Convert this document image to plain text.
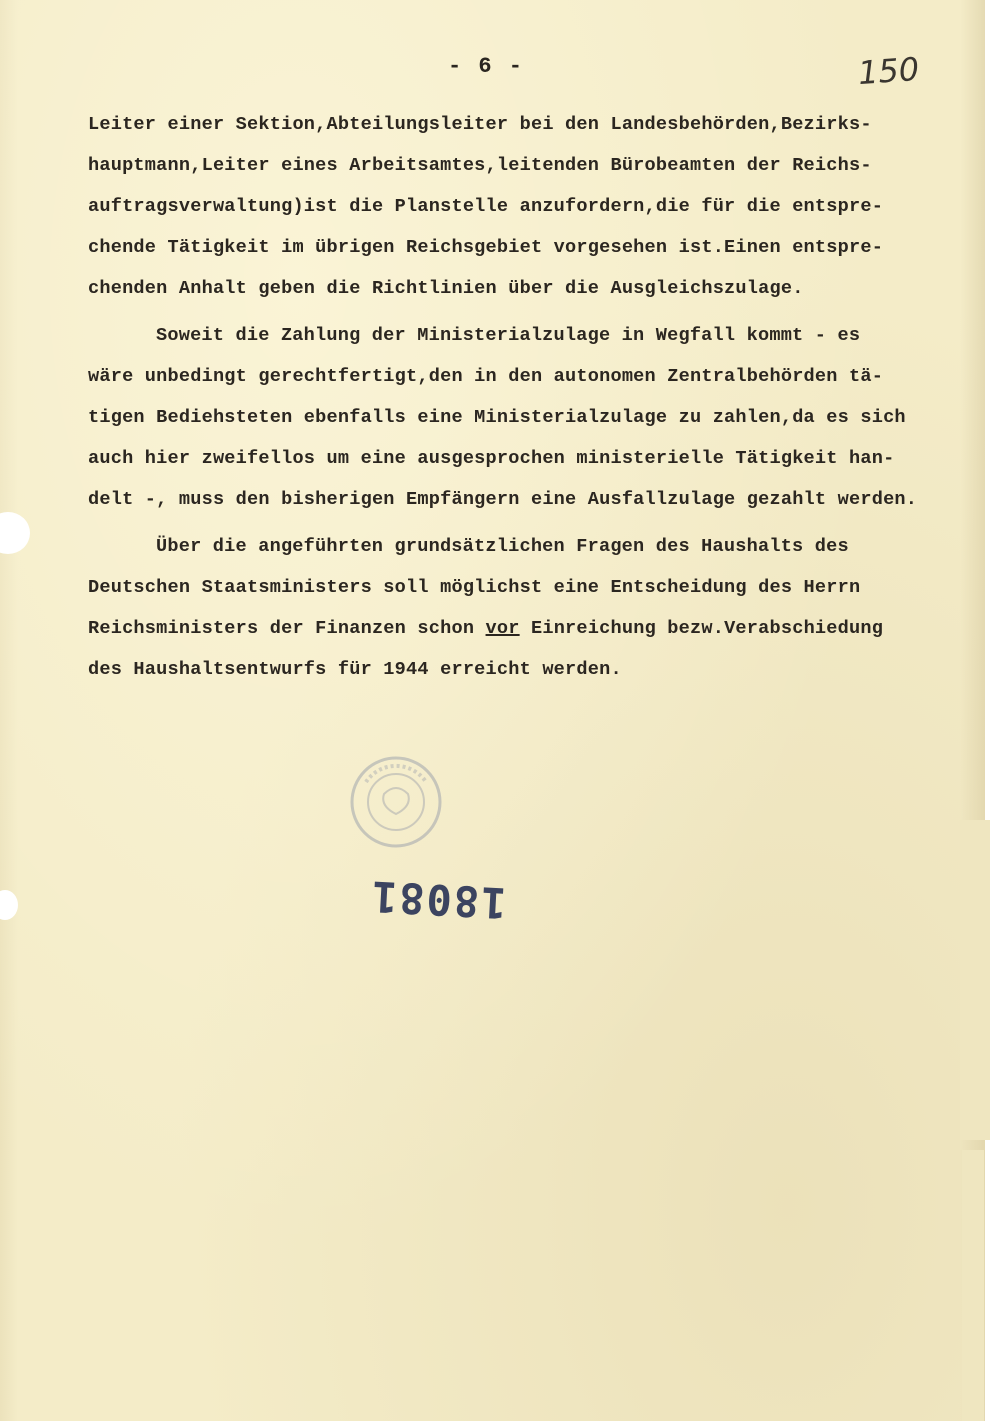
- 6 -	150
Leiter einer Sektion,Abteilungsleiter bei den Landesbehörden,Bezirks-
hauptmann,Leiter eines Arbeitsamtes,leitenden Bürobeamten der Reichs-
auftragsverwaltung)ist die Planstelle anzufordern,die für die entspre-
chende Tätigkeit im übrigen Reichsgebiet vorgesehen ist.Einen entspre-
chenden Anhalt geben die Richtlinien über die Ausgleichszulage.
Soweit die Zahlung der Ministerialzulage in Wegfall kommt - es
wäre unbedingt gerechtfertigt,den in den autonomen Zentralbehörden tä-
tigen Bediehsteten ebenfalls eine Ministerialzulage zu zahlen,da es sich
auch hier zweifellos um eine ausgesprochen ministerielle Tätigkeit han-
delt -, muss den bisherigen Empfängern eine Ausfallzulage gezahlt werden.
Über die angeführten grundsätzlichen Fragen des Haushalts des
Deutschen Staatsministers soll möglichst eine Entscheidung des Herrn
Reichsministers der Finanzen schon vor Einreichung bezw.Verabschiedung
des Haushaltsentwurfs für 1944 erreicht werden.
18081
